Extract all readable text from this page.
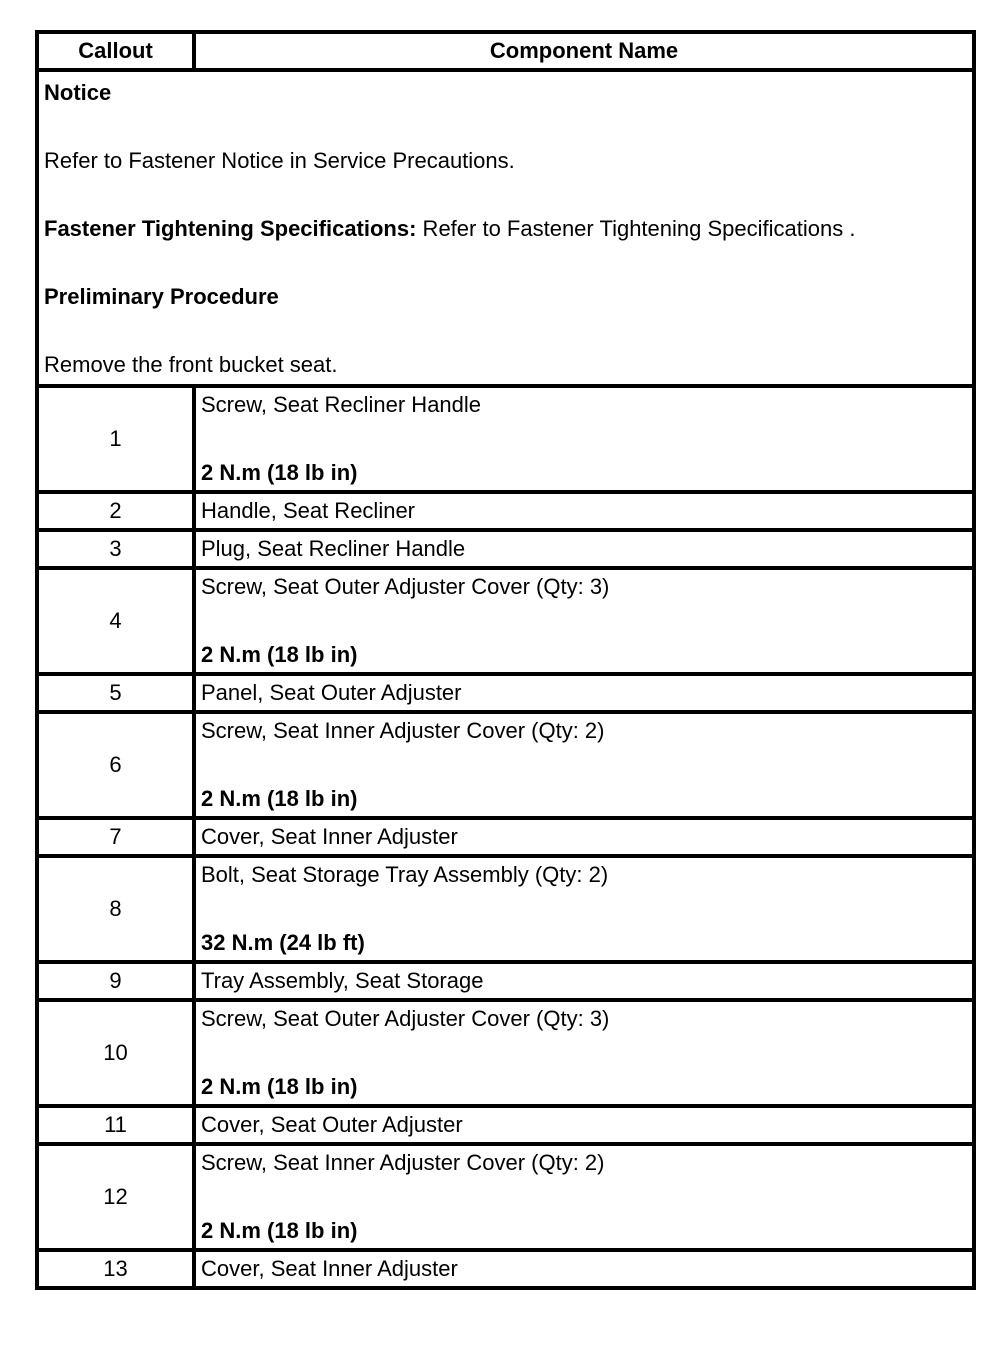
Callout	Component Name

Notice
Refer to Fastener Notice in Service Precautions.
Fastener Tightening Specifications: Refer to Fastener Tightening Specifications .
Preliminary Procedure
Remove the front bucket seat.	

1	Screw, Seat Recliner Handle
2 N.m (18 lb in)

2	Handle, Seat Recliner

3	Plug, Seat Recliner Handle

4	Screw, Seat Outer Adjuster Cover (Qty: 3)
2 N.m (18 lb in)

5	Panel, Seat Outer Adjuster

6	Screw, Seat Inner Adjuster Cover (Qty: 2)
2 N.m (18 lb in)

7	Cover, Seat Inner Adjuster

8	Bolt, Seat Storage Tray Assembly (Qty: 2)
32 N.m (24 lb ft)

9	Tray Assembly, Seat Storage

10	Screw, Seat Outer Adjuster Cover (Qty: 3)
2 N.m (18 lb in)

11	Cover, Seat Outer Adjuster

12	Screw, Seat Inner Adjuster Cover (Qty: 2)
2 N.m (18 lb in)

13	Cover, Seat Inner Adjuster
